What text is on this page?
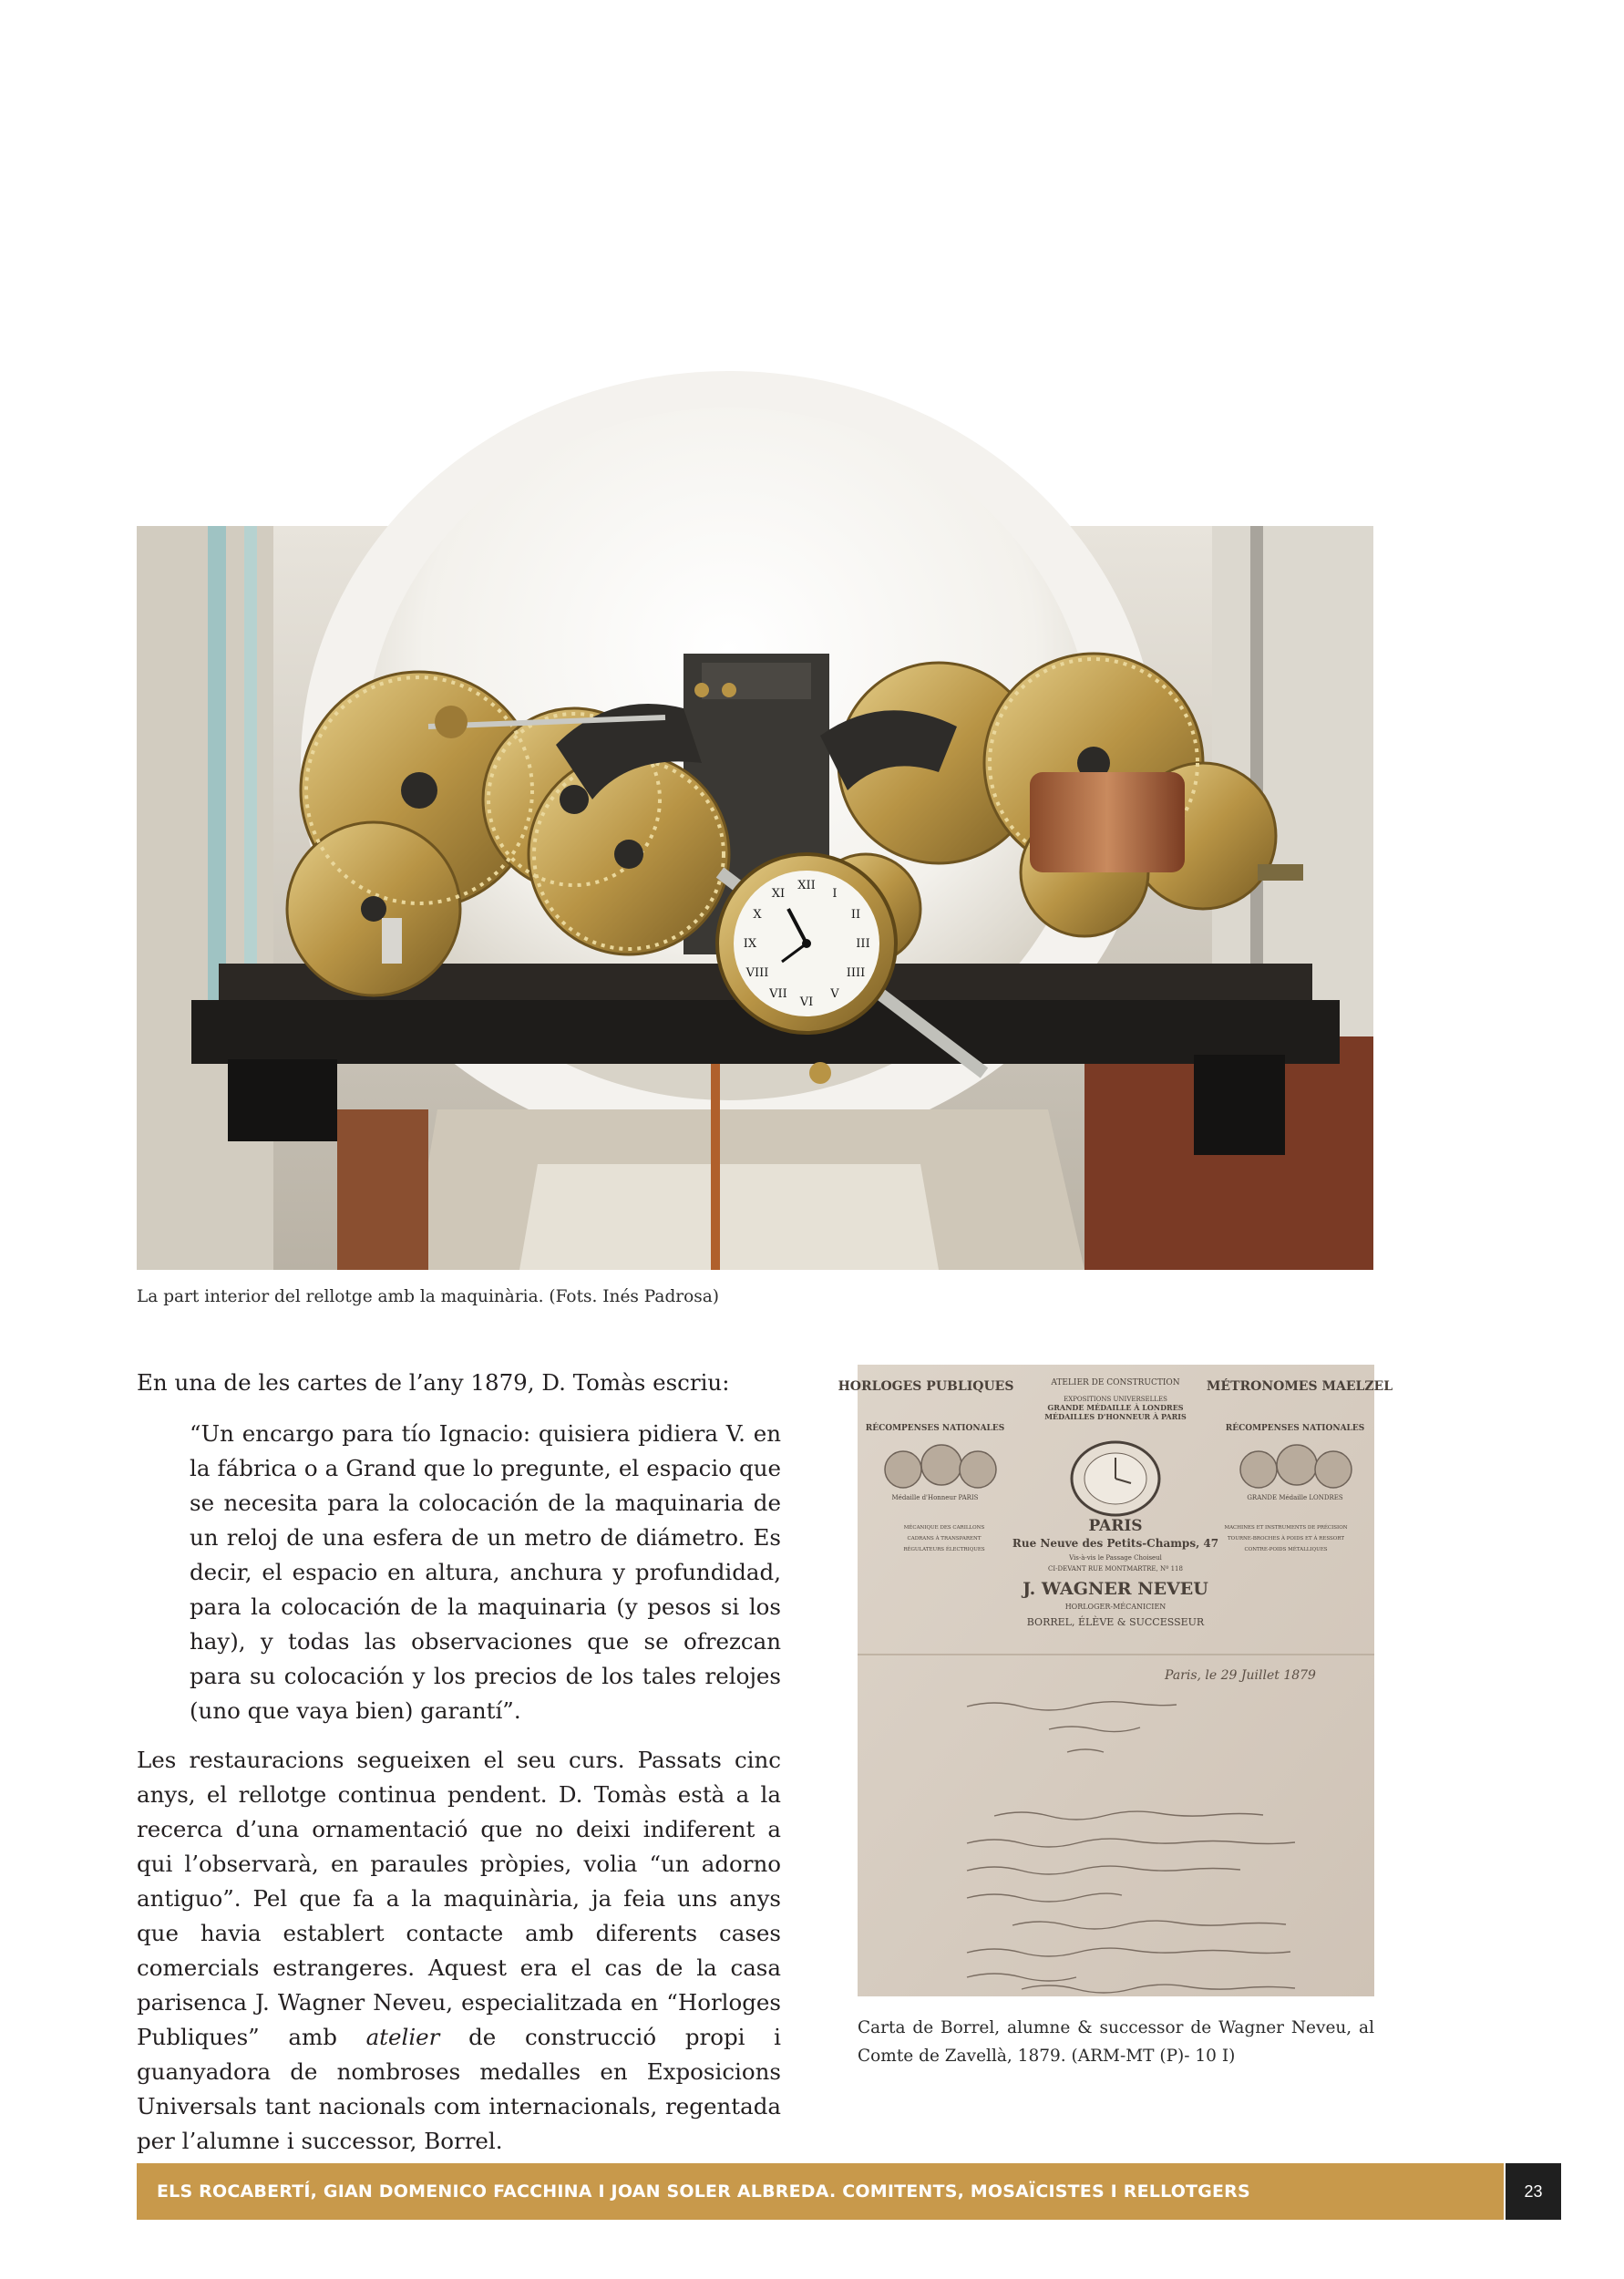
XII
I
II
III
IIII
V
VI
VII
VIII
IX
X
XI
La part interior del rellotge amb la maquinària. (Fots. Inés Padrosa)

En una de les cartes de l’any 1879, D. Tomàs escriu:

“Un encargo para tío Ignacio: quisiera pidiera V. en la fábrica o a Grand que lo pregunte, el espacio que se necesita para la colocación de la maquinaria de un reloj de una esfera de un metro de diámetro. Es decir, el espacio en altura, anchura y profundidad, para la colocación de la maquinaria (y pesos si los hay), y todas las observaciones que se ofrezcan para su colocación y los precios de los tales relojes (uno que vaya bien) garantí”.

Les restauracions segueixen el seu curs. Passats cinc anys, el rellotge continua pendent. D. Tomàs està a la recerca d’una ornamentació que no deixi indiferent a qui l’observarà, en paraules pròpies, volia “un adorno antiguo”. Pel que fa a la maquinària, ja feia uns anys que havia establert contacte amb diferents cases comercials estrangeres. Aquest era el cas de la casa parisenca J. Wagner Neveu, especialitzada en “Horloges Publiques” amb atelier de construcció propi i guanyadora de nombroses medalles en Exposicions Universals tant nacionals com internacionals, regentada per l’alumne i successor, Borrel.

HORLOGES PUBLIQUES	ATELIER DE CONSTRUCTION MÉTRONOMES MAELZEL
EXPOSITIONS UNIVERSELLES
GRANDE MÉDAILLE À LONDRES
MÉDAILLES D'HONNEUR À PARIS
RÉCOMPENSES NATIONALES	RÉCOMPENSES NATIONALES
Médaille d'Honneur PARIS	GRANDE Médaille LONDRES
PARIS
Rue Neuve des Petits-Champs, 47
Vis-à-vis le Passage Choiseul
CI-DEVANT RUE MONTMARTRE, Nº 118
MÉCANIQUE DES CARILLONS
CADRANS À TRANSPARENT
RÉGULATEURS ÉLECTRIQUES
MACHINES ET INSTRUMENTS DE PRÉCISION
TOURNE-BROCHES À POIDS ET À RESSORT
CONTRE-POIDS MÉTALLIQUES
J. WAGNER NEVEU
HORLOGER-MÉCANICIEN
BORREL, ÉLÈVE & SUCCESSEUR
Paris, le 29 Juillet 1879
Carta de Borrel, alumne & successor de Wagner Neveu, al Comte de Zavellà, 1879. (ARM-MT (P)- 10 I)
ELS ROCABERTÍ, GIAN DOMENICO FACCHINA I JOAN SOLER ALBREDA. COMITENTS, MOSAÏCISTES I RELLOTGERS	23
